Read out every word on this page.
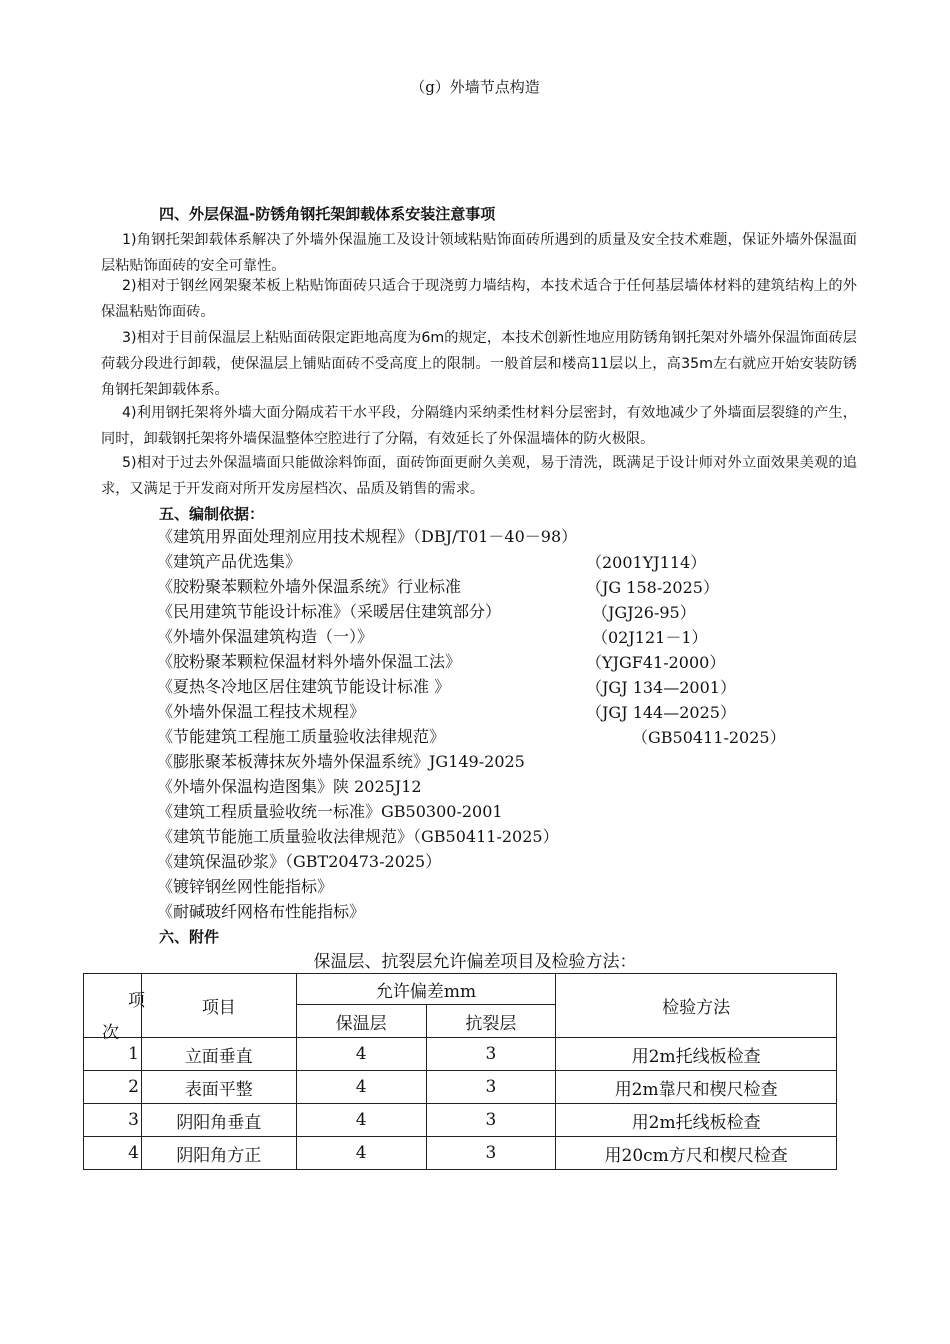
（g）外墙节点构造
四、外层保温-防锈角钢托架卸载体系安装注意事项
1)角钢托架卸载体系解决了外墙外保温施工及设计领域粘贴饰面砖所遇到的质量及安全技术难题，保证外墙外保温面层粘贴饰面砖的安全可靠性。
2)相对于钢丝网架聚苯板上粘贴饰面砖只适合于现浇剪力墙结构，本技术适合于任何基层墙体材料的建筑结构上的外保温粘贴饰面砖。
3)相对于目前保温层上粘贴面砖限定距地高度为6m的规定，本技术创新性地应用防锈角钢托架对外墙外保温饰面砖层荷载分段进行卸载，使保温层上铺贴面砖不受高度上的限制。一般首层和楼高11层以上，高35m左右就应开始安装防锈角钢托架卸载体系。
4)利用钢托架将外墙大面分隔成若干水平段，分隔缝内采纳柔性材料分层密封，有效地减少了外墙面层裂缝的产生，同时，卸载钢托架将外墙保温整体空腔进行了分隔，有效延长了外保温墙体的防火极限。
5)相对于过去外保温墙面只能做涂料饰面，面砖饰面更耐久美观，易于清洗，既满足于设计师对外立面效果美观的追求，又满足于开发商对所开发房屋档次、品质及销售的需求。
五、编制依据：
《建筑用界面处理剂应用技术规程》（DBJ/T01－40－98）
《建筑产品优选集》	（2001YJ114）
《胶粉聚苯颗粒外墙外保温系统》行业标准	（JG 158-2025）
《民用建筑节能设计标准》（采暖居住建筑部分）	（JGJ26-95）
《外墙外保温建筑构造（一）》	（02J121－1）
《胶粉聚苯颗粒保温材料外墙外保温工法》	（YJGF41-2000）
《夏热冬冷地区居住建筑节能设计标准 》	（JGJ 134—2001）
《外墙外保温工程技术规程》	（JGJ 144—2025）
《节能建筑工程施工质量验收法律规范》	（GB50411-2025）
《膨胀聚苯板薄抹灰外墙外保温系统》JG149-2025
《外墙外保温构造图集》陕 2025J12
《建筑工程质量验收统一标准》GB50300-2001
《建筑节能施工质量验收法律规范》（GB50411-2025）
《建筑保温砂浆》（GBT20473-2025）
《镀锌钢丝网性能指标》
《耐碱玻纤网格布性能指标》
六、附件
保温层、抗裂层允许偏差项目及检验方法：
项
次	项目	允许偏差mm		检验方法
		保温层	抗裂层	
1	立面垂直	4	3	用2m托线板检查
2	表面平整	4	3	用2m靠尺和楔尺检查
3	阴阳角垂直	4	3	用2m托线板检查
4	阴阳角方正	4	3	用20cm方尺和楔尺检查
